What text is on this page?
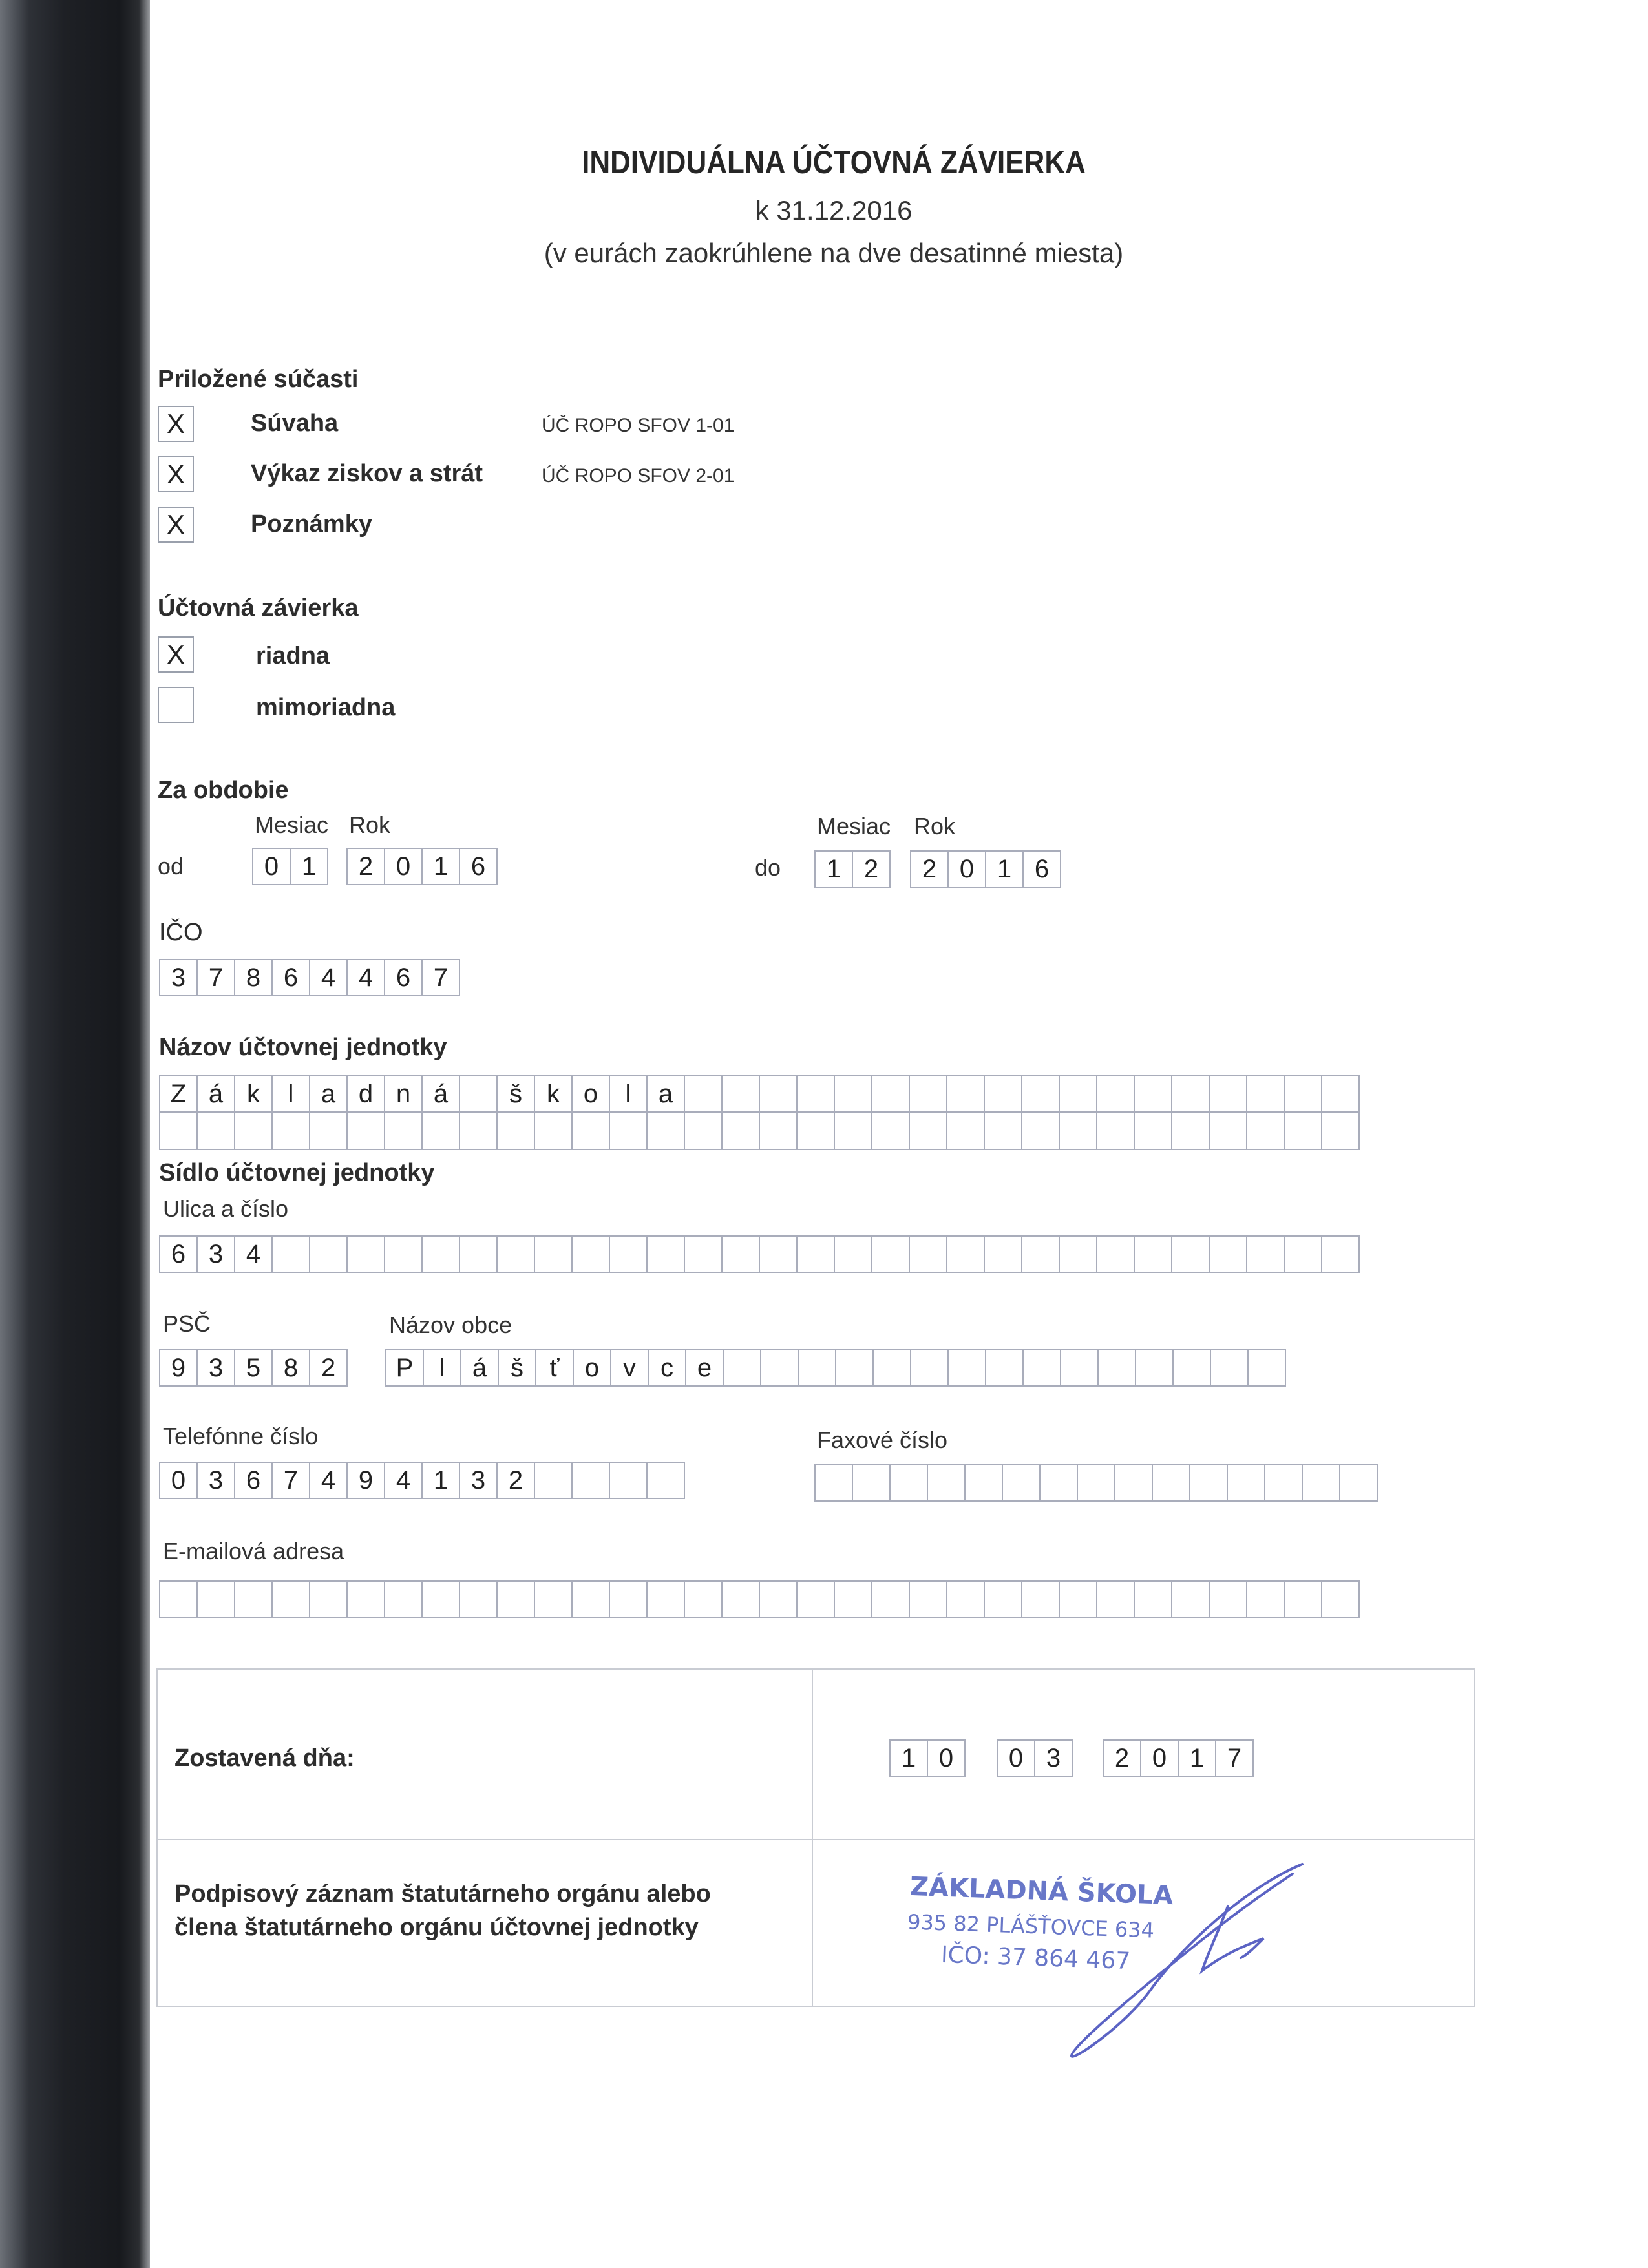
INDIVIDUÁLNA ÚČTOVNÁ ZÁVIERKA
k 31.12.2016
(v eurách zaokrúhlene na dve desatinné miesta)
Priložené súčasti
X	Súvaha	ÚČ ROPO SFOV 1-01
X	Výkaz ziskov a strát	ÚČ ROPO SFOV 2-01
X	Poznámky
Účtovná závierka
X	riadna
mimoriadna
Za obdobie
Mesiac Rok
od	0 1	2 0 1 6
Mesiac Rok
do	1 2	2 0 1 6
IČO
3 7 8 6 4 4 6 7
Názov účtovnej jednotky
Z á k	l	a d n á	š k o	l	a
Sídlo účtovnej jednotky
Ulica a číslo
6 3 4
PSČ
9 3 5 8 2
Názov obce
P	l	á š	ť o v c e
Telefónne číslo
0 3 6 7 4 9 4 1 3 2
Faxové číslo
E-mailová adresa
Zostavená dňa:	1 0	0 3	2 0 1 7
Podpisový záznam štatutárneho orgánu alebo
člena štatutárneho orgánu účtovnej jednotky
ZÁKLADNÁ ŠKOLA
935 82 PLÁŠŤOVCE 634
IČO: 37 864 467
